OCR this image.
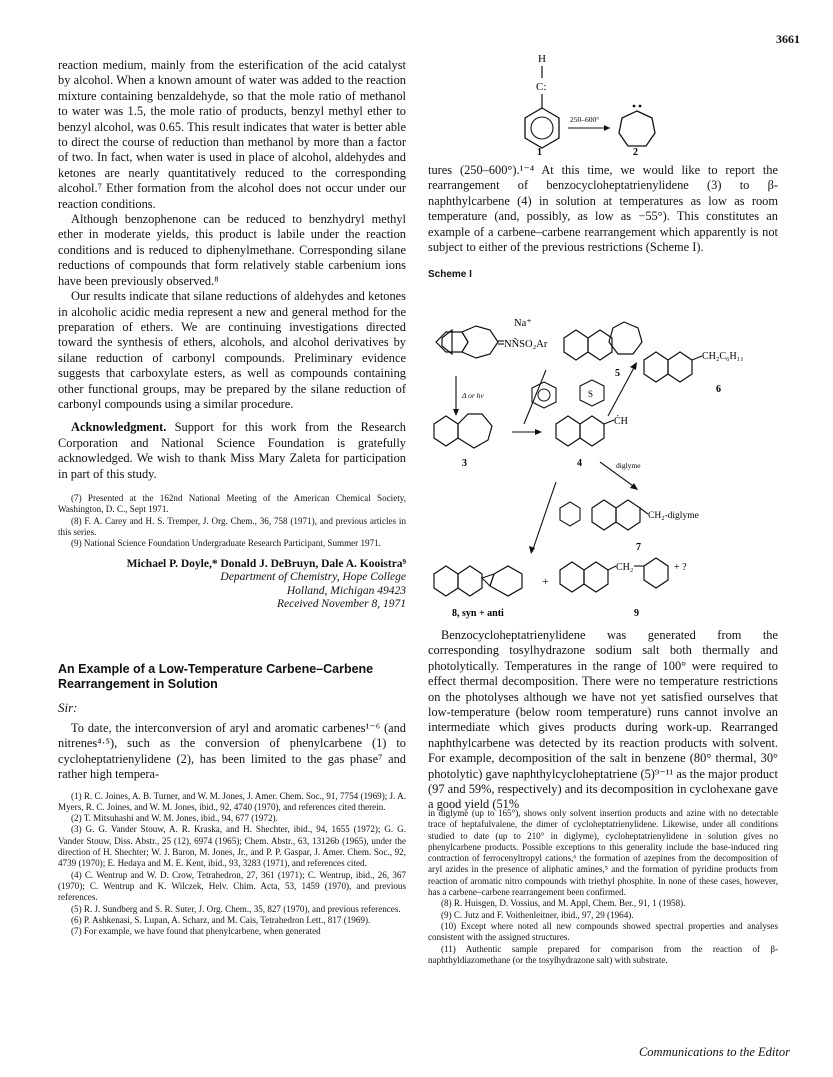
3661

reaction medium, mainly from the esterification of the acid catalyst by alcohol. When a known amount of water was added to the reaction mixture containing benzaldehyde, so that the mole ratio of methanol to water was 1.5, the mole ratio of products, benzyl methyl ether to benzyl alcohol, was 0.65. This result indicates that water is better able to direct the course of reduction than methanol by more than a factor of two. In fact, when water is used in place of alcohol, aldehydes and ketones are nearly quantitatively reduced to the corresponding alcohol.⁷ Ether formation from the alcohol does not occur under our reaction conditions.

Although benzophenone can be reduced to benzhydryl methyl ether in moderate yields, this product is labile under the reaction conditions and is reduced to diphenylmethane. Corresponding silane reductions of compounds that form relatively stable carbenium ions have been previously observed.⁸

Our results indicate that silane reductions of aldehydes and ketones in alcoholic acidic media represent a new and general method for the preparation of ethers. We are continuing investigations directed toward the synthesis of ethers, alcohols, and alcohol derivatives by silane reduction of carbonyl compounds. Preliminary evidence suggests that carboxylate esters, as well as compounds containing other functional groups, may be prepared by the silane reduction of carbonyl compounds using a similar procedure.

Acknowledgment. Support for this work from the Research Corporation and National Science Foundation is gratefully acknowledged. We wish to thank Miss Mary Zaleta for participation in part of this study.

(7) Presented at the 162nd National Meeting of the American Chemical Society, Washington, D. C., Sept 1971.

(8) F. A. Carey and H. S. Tremper, J. Org. Chem., 36, 758 (1971), and previous articles in this series.

(9) National Science Foundation Undergraduate Research Participant, Summer 1971.

Michael P. Doyle,* Donald J. DeBruyn, Dale A. Kooistra⁹
Department of Chemistry, Hope College
Holland, Michigan 49423
Received November 8, 1971
An Example of a Low-Temperature Carbene–Carbene Rearrangement in Solution
Sir:

To date, the interconversion of aryl and aromatic carbenes¹⁻⁶ (and nitrenes⁴·⁵), such as the conversion of phenylcarbene (1) to cycloheptatrienylidene (2), has been limited to the gas phase⁷ and rather high tempera-

(1) R. C. Joines, A. B. Turner, and W. M. Jones, J. Amer. Chem. Soc., 91, 7754 (1969); J. A. Myers, R. C. Joines, and W. M. Jones, ibid., 92, 4740 (1970), and references cited therein.

(2) T. Mitsuhashi and W. M. Jones, ibid., 94, 677 (1972).

(3) G. G. Vander Stouw, A. R. Kraska, and H. Shechter, ibid., 94, 1655 (1972); G. G. Vander Stouw, Diss. Abstr., 25 (12), 6974 (1965); Chem. Abstr., 63, 13126b (1965), under the direction of H. Shechter; W. J. Baron, M. Jones, Jr., and P. P. Gaspar, J. Amer. Chem. Soc., 92, 4739 (1970); E. Hedaya and M. E. Kent, ibid., 93, 3283 (1971), and references cited.

(4) C. Wentrup and W. D. Crow, Tetrahedron, 27, 361 (1971); C. Wentrup, ibid., 26, 367 (1970); C. Wentrup and K. Wilczek, Helv. Chim. Acta, 53, 1459 (1970), and previous references.

(5) R. J. Sundberg and S. R. Suter, J. Org. Chem., 35, 827 (1970), and previous references.

(6) P. Ashkenasi, S. Lupan, A. Scharz, and M. Cais, Tetrahedron Lett., 817 (1969).

(7) For example, we have found that phenylcarbene, when generated

H
C:
250–600°
1	2

tures (250–600°).¹⁻⁴ At this time, we would like to report the rearrangement of benzocycloheptatrienylidene (3) to β-naphthylcarbene (4) in solution at temperatures as low as room temperature (and, possibly, as low as −55°). This constitutes an example of a carbene–carbene rearrangement which apparently is not subject to either of the previous restrictions (Scheme I).

Scheme I
NÑSO₂Ar
Na⁺
5
CH₂C₆H₁₁
6
Δ or hν	S
3
ĊH
4	diglyme
CH₂-diglyme
7
8, syn + anti
+
CH₂	+ ?
9

Benzocycloheptatrienylidene was generated from the corresponding tosylhydrazone sodium salt both thermally and photolytically. Temperatures in the range of 100° were required to effect thermal decomposition. There were no temperature restrictions on the photolyses although we have not yet satisfied ourselves that low-temperature (below room temperature) runs cannot involve an intermediate which gives products during work-up. Rearranged naphthylcarbene was detected by its reaction products with solvent. For example, decomposition of the salt in benzene (80° thermal, 30° photolytic) gave naphthylcycloheptatriene (5)⁹⁻¹¹ as the major product (97 and 59%, respectively) and its decomposition in cyclohexane gave a good yield (51%

in diglyme (up to 165°), shows only solvent insertion products and azine with no detectable trace of heptafulvalene, the dimer of cycloheptatrienylidene. Likewise, under all conditions studied to date (up to 210° in diglyme), cycloheptatrienylidene in solution gives no phenylcarbene products. Possible exceptions to this generality include the base-induced ring contraction of ferrocenyltropyl cations,⁶ the formation of azepines from the decomposition of aryl azides in the presence of aliphatic amines,⁵ and the formation of pyridine products from reaction of aromatic nitro compounds with triethyl phosphite. In none of these cases, however, has a carbene–carbene rearrangement been confirmed.

(8) R. Huisgen, D. Vossius, and M. Appl, Chem. Ber., 91, 1 (1958).

(9) C. Jutz and F. Voithenleitner, ibid., 97, 29 (1964).

(10) Except where noted all new compounds showed spectral properties and analyses consistent with the assigned structures.

(11) Authentic sample prepared for comparison from the reaction of β-naphthyldiazomethane (or the tosylhydrazone salt) with substrate.

Communications to the Editor
